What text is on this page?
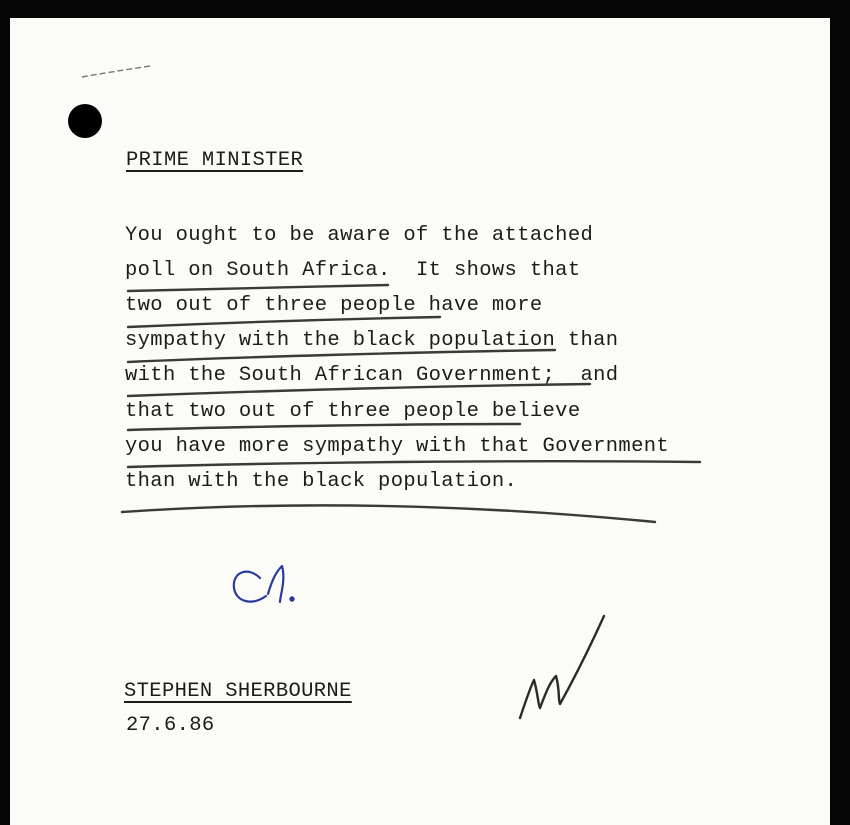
PRIME MINISTER

You ought to be aware of the attached

poll on South Africa.  It shows that

two out of three people have more

sympathy with the black population than

with the South African Government;  and

that two out of three people believe

you have more sympathy with that Government

than with the black population.

STEPHEN SHERBOURNE

27.6.86
